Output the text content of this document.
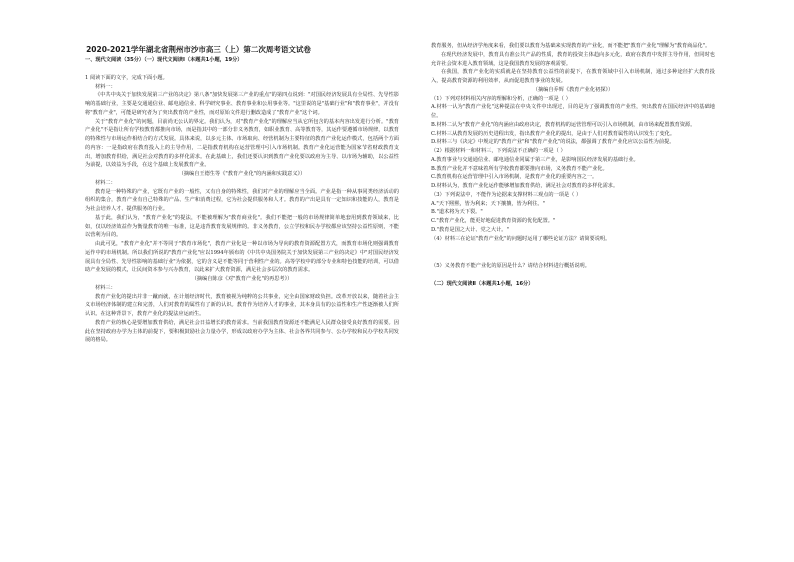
2020-2021学年湖北省荆州市沙市高三（上）第二次周考语文试卷

一、现代文阅读（35分）（一）现代文阅读Ⅰ（本题共1小题，19分）

1 阅读下面的文字，完成下面小题。

材料一：

《中共中央关于加快发展第三产业的决定》第八条"加快发展第三产业的重点"的第四点说到："对国民经济发展具有全局性、先导性影响的基础行业，主要是交通通信业、邮电通信业、科学研究事业、教育事业和公用事业等。"这里说的是"基础行业"和"教育事业"，并没有将"教育产业"，可能是研究者为了突出教育的产业性，而对原始文件进行删改造成了"教育产业"这个词。

关于"教育产业化"的问题，目前尚无公认的界定。我们认为，对"教育产业化"的理解应当从它所包含的基本内容出发进行分析。"教育产业化"不是指让所有学校教育都推向市场，而是指其中的一部分非义务教育，如职业教育、高等教育等，其运作要遵循市场规律，以教育的特殊性与市场运作相结合的方式发展。具体来说，以多元主体、市场取向、经营机制为主要特征的教育产业化运作模式，包括两个方面的内容：一是指政府在教育投入上的主导作用，二是指教育机构在运营管理中引入市场机制。教育产业化运营能为国家节省财政教育支出，增加教育供给，满足社会对教育的多样化需求。在此基础上，我们还要认识到教育产业化要以政府为主导、以市场为辅助，以公益性为前提，以效益为手段，在这个基础上发展教育产业。

（摘编自王德生等《"教育产业化"的内涵和实践意义》）

材料二：

教育是一种特殊的产业，它既有产业的一般性，又有自身的特殊性，我们对产业的理解应当全面。产业是指一种从事同类经济活动的组织的集合，教育产业有自己特殊的产品、生产和消费过程，它为社会提供服务和人才。教育的产出是具有一定知识和技能的人，教育是为社会培养人才、提供服务的行业。

基于此，我们认为，"教育产业化"的提法，不能被理解为"教育商业化"。我们不能把一般的市场规律简单地套用到教育领域来，比如，仅以经济效益作为衡量教育的唯一标准，这是违背教育发展规律的。非义务教育，公立学校和民办学校都应该坚持公益性原则，不能以营利为目的。

由此可见，"教育产业化"并不等同于"教育市场化"，教育产业化是一种以市场为导向的教育资源配置方式，而教育市场化则强调教育运作中的市场机制。所以我们所说的"教育产业化"应以1994年颁布的《中共中央国务院关于加快发展第三产业的决定》中"对国民经济发展具有全局性、先导性影响的基础行业"为依据，它的含义是不能等同于营利性产业的。高等学校中的部分专业和特色技能的培训，可以借助产业发展的模式，让民间资本参与兴办教育，以此来扩大教育资源，满足社会多层次的教育需求。

（摘编自陈彦《对"教育产业化"的再思考》）

材料三：

教育产业化的提出并非一蹴而就，在计划经济时代，教育被视为纯粹的公共事业，完全由国家财政负担。改革开放以来，随着社会主义市场经济体制的建立和完善，人们对教育的属性有了新的认识。教育作为培养人才的事业，其本身具有的公益性和生产性逐渐被人们所认识。在这种背景下，教育产业化的提法应运而生。

教育产业的核心是要增加教育供给，满足社会日益增长的教育需求。当前我国教育资源还不能满足人民群众接受良好教育的需要。因此在坚持政府办学为主体的前提下，要积极鼓励社会力量办学，形成以政府办学为主体、社会各界共同参与、公办学校和民办学校共同发展的格局。

教育服务，但从经济学角度来看，我们要以教育为基础来实现教育的产业化，而不能把"教育产业化"理解为"教育商品化"。

在现代经济发展中，教育具有准公共产品的性质，教育的投资主体趋向多元化，政府在教育中发挥主导作用，但同时也允许社会资本进入教育领域，这是我国教育发展的客观需要。

在我国，教育产业化的实质就是在坚持教育公益性的前提下，在教育领域中引入市场机制，通过多种途径扩大教育投入，提高教育资源的利用效率，从而促进教育事业的发展。

（摘编自乔辉《教育产业化初探》）

（1）下列对材料相关内容的理解和分析，正确的一项是（ ）

A.材料一认为"教育产业化"这种提法在中央文件中出现过，目的是为了强调教育的产业性，突出教育在国民经济中的基础地位。

B.材料二认为"教育产业化"的内涵应由政府决定，教育机构的运营管理可以引入市场机制，由市场来配置教育资源。

C.材料三从教育发展的历史进程出发，指出教育产业化的提出，是由于人们对教育属性的认识发生了变化。

D.材料三与《决定》中规定的"教育产业"和"教育产业化"的说法，都强调了教育产业化应以公益性为前提。

（2）根据材料一和材料三，下列说法不正确的一项是（ ）

A.教育事业与交通通信业、邮电通信业同属于第三产业，是影响国民经济发展的基础行业。

B.教育产业化并不意味着所有学校教育都要推向市场，义务教育不能产业化。

C.教育机构在运营管理中引入市场机制，是教育产业化的重要内容之一。

D.材料认为，教育产业化运作能够增加教育供给，满足社会对教育的多样化需求。

（3）下列说法中，不能作为论据来支撑材料三观点的一项是（ ）

A."天下熙熙，皆为利来；天下攘攘，皆为利往。"

B."道术将为天下裂。"

C."教育产业化，能更好地促进教育资源的优化配置。"

D."教育是国之大计、党之大计。"

（4）材料三在论证"教育产业化"的问题时运用了哪些论证方法？请简要说明。

（5）义务教育不能产业化的原因是什么？请结合材料进行概括说明。

（二）现代文阅读Ⅱ（本题共1小题，16分）
